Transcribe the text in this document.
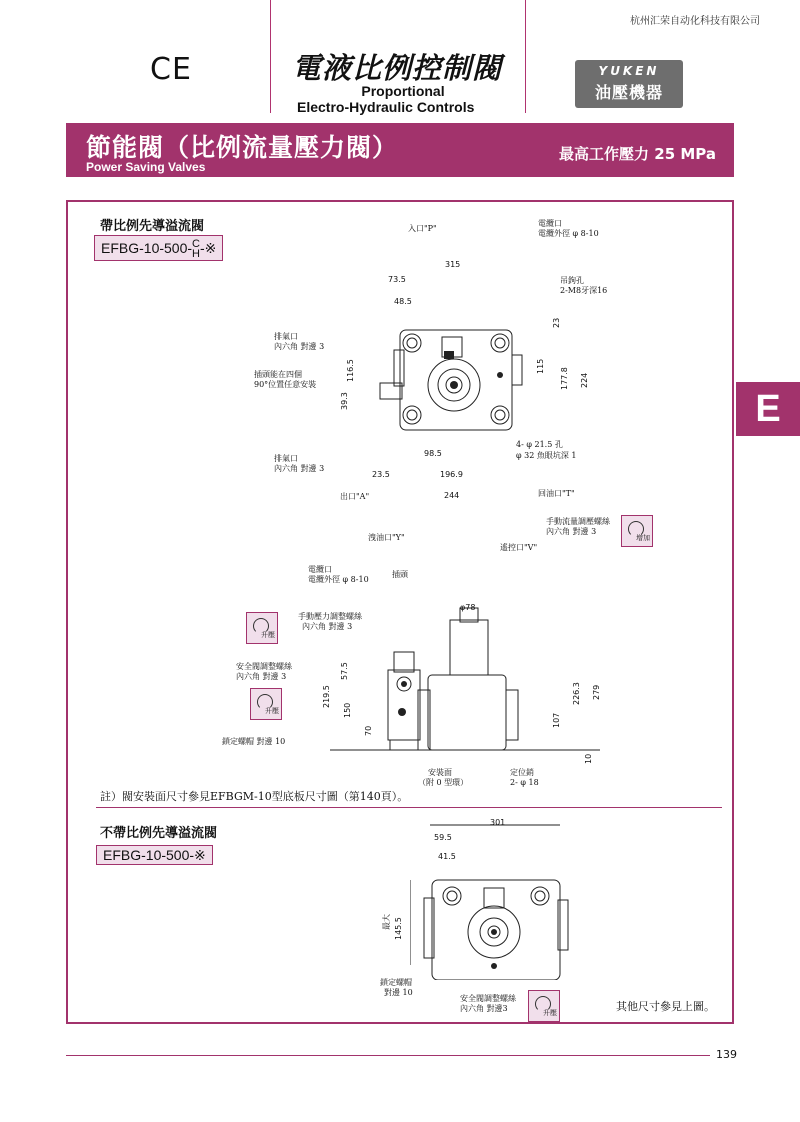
杭州汇荣自动化科技有限公司
CE	電液比例控制閥
Proportional
Electro-Hydraulic Controls
YUKEN
油壓機器
節能閥（比例流量壓力閥）
Power Saving Valves
最高工作壓力 25 MPa
E
帶比例先導溢流閥
EFBG-10-500- C
H -※
入口"P"
電纜口
電纜外徑 φ 8-10
吊鉤孔
2-M8牙深16
排氣口
內六角 對邊 3
插頭能在四個
90°位置任意安裝
排氣口
內六角 對邊 3
4- φ 21.5 孔
φ 32 魚眼坑深 1
出口"A"	回油口"T"
洩油口"Y"
遙控口"V"
手動流量調壓螺絲
內六角 對邊 3
增加
315
73.5
48.5
23
116.5
39.3
115
177.8 224
98.5
23.5	196.9
244
電纜口
電纜外徑 φ 8-10
插頭
手動壓力調整螺絲
內六角 對邊 3
升壓
安全閥調整螺絲
內六角 對邊 3
升壓
鎖定螺帽 對邊 10
安裝面
（附 0 型環）
定位銷
2- φ 18
φ78
57.5
219.5
150
70
226.3 279
107
10
註）閥安裝面尺寸參見EFBGM-10型底板尺寸圖（第140頁）。
不帶比例先導溢流閥
EFBG-10-500-※
301
59.5
41.5
最大 145.5
鎖定螺帽
對邊 10
安全閥調整螺絲
內六角 對邊3	升壓	其他尺寸參見上圖。
139
